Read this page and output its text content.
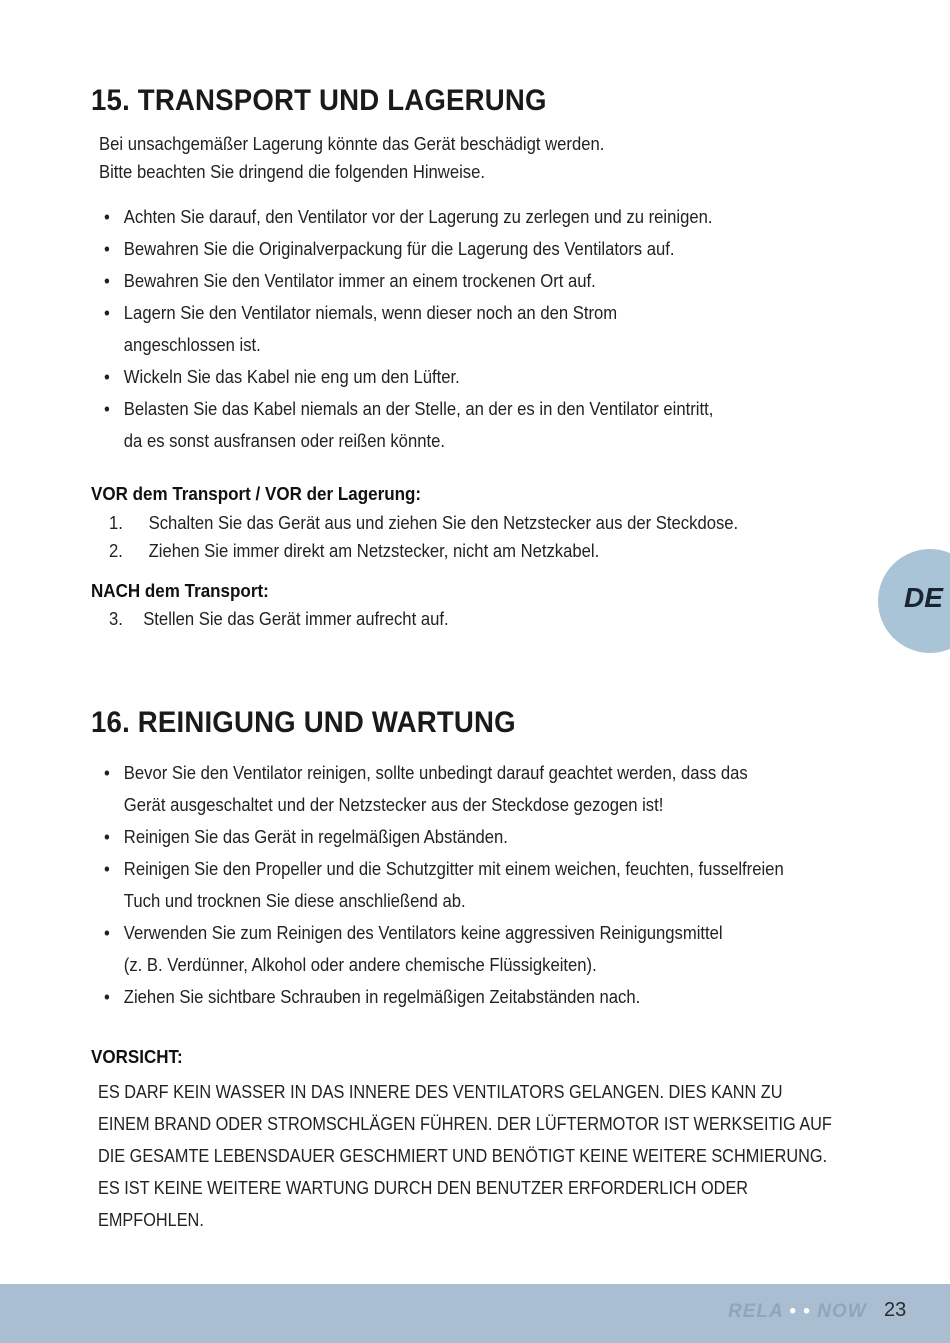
15. TRANSPORT UND LAGERUNG
Bei unsachgemäßer Lagerung könnte das Gerät beschädigt werden.
Bitte beachten Sie dringend die folgenden Hinweise.
• Achten Sie darauf, den Ventilator vor der Lagerung zu zerlegen und zu reinigen.
• Bewahren Sie die Originalverpackung für die Lagerung des Ventilators auf.
• Bewahren Sie den Ventilator immer an einem trockenen Ort auf.
• Lagern Sie den Ventilator niemals, wenn dieser noch an den Strom
angeschlossen ist.
• Wickeln Sie das Kabel nie eng um den Lüfter.
• Belasten Sie das Kabel niemals an der Stelle, an der es in den Ventilator eintritt,
da es sonst ausfransen oder reißen könnte.
VOR dem Transport / VOR der Lagerung:
1. Schalten Sie das Gerät aus und ziehen Sie den Netzstecker aus der Steckdose.
2. Ziehen Sie immer direkt am Netzstecker, nicht am Netzkabel.
NACH dem Transport:
3. Stellen Sie das Gerät immer aufrecht auf.
DE
16. REINIGUNG UND WARTUNG
• Bevor Sie den Ventilator reinigen, sollte unbedingt darauf geachtet werden, dass das
Gerät ausgeschaltet und der Netzstecker aus der Steckdose gezogen ist!
• Reinigen Sie das Gerät in regelmäßigen Abständen.
• Reinigen Sie den Propeller und die Schutzgitter mit einem weichen, feuchten, fusselfreien
Tuch und trocknen Sie diese anschließend ab.
• Verwenden Sie zum Reinigen des Ventilators keine aggressiven Reinigungsmittel
(z. B. Verdünner, Alkohol oder andere chemische Flüssigkeiten).
• Ziehen Sie sichtbare Schrauben in regelmäßigen Zeitabständen nach.
VORSICHT:
ES DARF KEIN WASSER IN DAS INNERE DES VENTILATORS GELANGEN. DIES KANN ZU
EINEM BRAND ODER STROMSCHLÄGEN FÜHREN. DER LÜFTERMOTOR IST WERKSEITIG AUF
DIE GESAMTE LEBENSDAUER GESCHMIERT UND BENÖTIGT KEINE WEITERE SCHMIERUNG.
ES IST KEINE WEITERE WARTUNG DURCH DEN BENUTZER ERFORDERLICH ODER
EMPFOHLEN.
RELA • • NOW 23
